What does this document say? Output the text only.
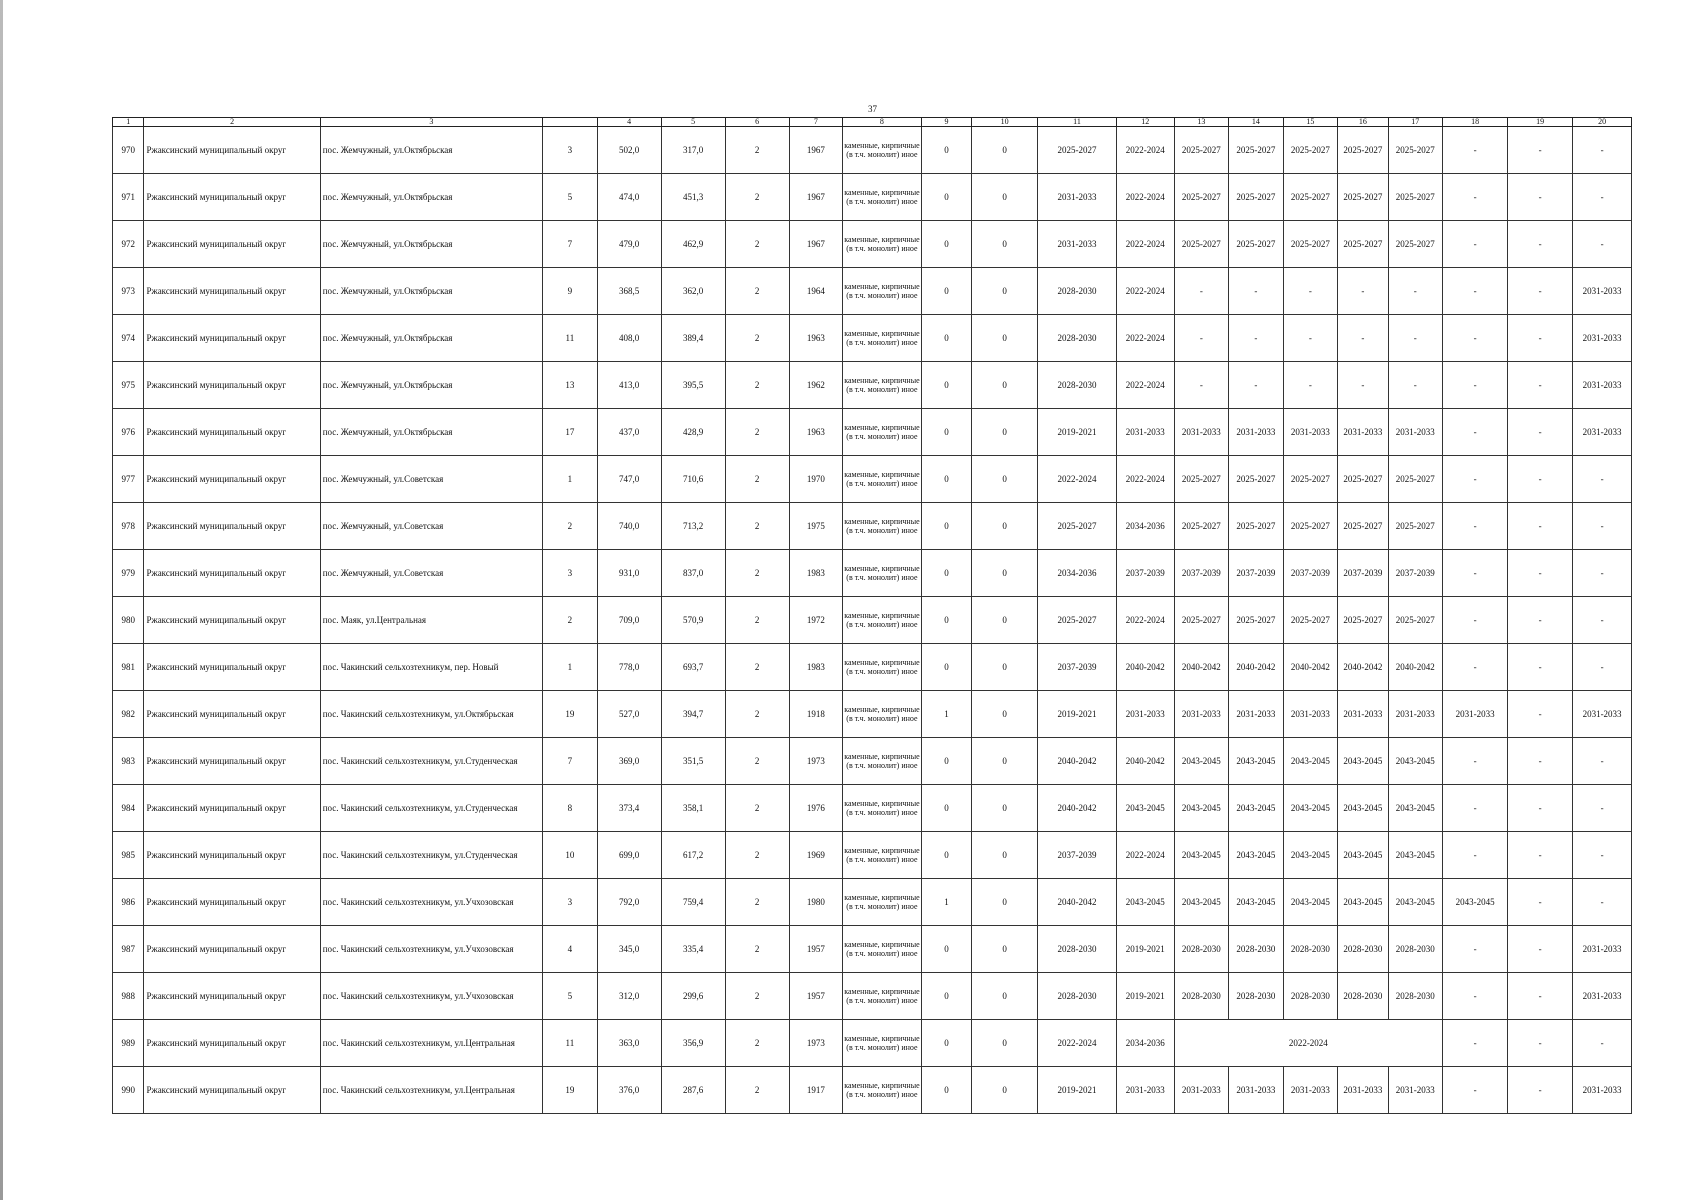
37
1	2	3		4	5	6	7	8	9	10	11	12	13	14	15	16	17	18	19	20
970	Ржаксинский муниципальный округ	пос. Жемчужный, ул.Октябрьская	3	502,0	317,0	2	1967	каменные, кирпичные (в т.ч. монолит) иное	0	0	2025-2027	2022-2024	2025-2027	2025-2027	2025-2027	2025-2027	2025-2027	-	-	-
971	Ржаксинский муниципальный округ	пос. Жемчужный, ул.Октябрьская	5	474,0	451,3	2	1967	каменные, кирпичные (в т.ч. монолит) иное	0	0	2031-2033	2022-2024	2025-2027	2025-2027	2025-2027	2025-2027	2025-2027	-	-	-
972	Ржаксинский муниципальный округ	пос. Жемчужный, ул.Октябрьская	7	479,0	462,9	2	1967	каменные, кирпичные (в т.ч. монолит) иное	0	0	2031-2033	2022-2024	2025-2027	2025-2027	2025-2027	2025-2027	2025-2027	-	-	-
973	Ржаксинский муниципальный округ	пос. Жемчужный, ул.Октябрьская	9	368,5	362,0	2	1964	каменные, кирпичные (в т.ч. монолит) иное	0	0	2028-2030	2022-2024	-	-	-	-	-	-	-	2031-2033
974	Ржаксинский муниципальный округ	пос. Жемчужный, ул.Октябрьская	11	408,0	389,4	2	1963	каменные, кирпичные (в т.ч. монолит) иное	0	0	2028-2030	2022-2024	-	-	-	-	-	-	-	2031-2033
975	Ржаксинский муниципальный округ	пос. Жемчужный, ул.Октябрьская	13	413,0	395,5	2	1962	каменные, кирпичные (в т.ч. монолит) иное	0	0	2028-2030	2022-2024	-	-	-	-	-	-	-	2031-2033
976	Ржаксинский муниципальный округ	пос. Жемчужный, ул.Октябрьская	17	437,0	428,9	2	1963	каменные, кирпичные (в т.ч. монолит) иное	0	0	2019-2021	2031-2033	2031-2033	2031-2033	2031-2033	2031-2033	2031-2033	-	-	2031-2033
977	Ржаксинский муниципальный округ	пос. Жемчужный, ул.Советская	1	747,0	710,6	2	1970	каменные, кирпичные (в т.ч. монолит) иное	0	0	2022-2024	2022-2024	2025-2027	2025-2027	2025-2027	2025-2027	2025-2027	-	-	-
978	Ржаксинский муниципальный округ	пос. Жемчужный, ул.Советская	2	740,0	713,2	2	1975	каменные, кирпичные (в т.ч. монолит) иное	0	0	2025-2027	2034-2036	2025-2027	2025-2027	2025-2027	2025-2027	2025-2027	-	-	-
979	Ржаксинский муниципальный округ	пос. Жемчужный, ул.Советская	3	931,0	837,0	2	1983	каменные, кирпичные (в т.ч. монолит) иное	0	0	2034-2036	2037-2039	2037-2039	2037-2039	2037-2039	2037-2039	2037-2039	-	-	-
980	Ржаксинский муниципальный округ	пос. Маяк, ул.Центральная	2	709,0	570,9	2	1972	каменные, кирпичные (в т.ч. монолит) иное	0	0	2025-2027	2022-2024	2025-2027	2025-2027	2025-2027	2025-2027	2025-2027	-	-	-
981	Ржаксинский муниципальный округ	пос. Чакинский сельхозтехникум, пер. Новый	1	778,0	693,7	2	1983	каменные, кирпичные (в т.ч. монолит) иное	0	0	2037-2039	2040-2042	2040-2042	2040-2042	2040-2042	2040-2042	2040-2042	-	-	-
982	Ржаксинский муниципальный округ	пос. Чакинский сельхозтехникум, ул.Октябрьская	19	527,0	394,7	2	1918	каменные, кирпичные (в т.ч. монолит) иное	1	0	2019-2021	2031-2033	2031-2033	2031-2033	2031-2033	2031-2033	2031-2033	2031-2033	-	2031-2033
983	Ржаксинский муниципальный округ	пос. Чакинский сельхозтехникум, ул.Студенческая	7	369,0	351,5	2	1973	каменные, кирпичные (в т.ч. монолит) иное	0	0	2040-2042	2040-2042	2043-2045	2043-2045	2043-2045	2043-2045	2043-2045	-	-	-
984	Ржаксинский муниципальный округ	пос. Чакинский сельхозтехникум, ул.Студенческая	8	373,4	358,1	2	1976	каменные, кирпичные (в т.ч. монолит) иное	0	0	2040-2042	2043-2045	2043-2045	2043-2045	2043-2045	2043-2045	2043-2045	-	-	-
985	Ржаксинский муниципальный округ	пос. Чакинский сельхозтехникум, ул.Студенческая	10	699,0	617,2	2	1969	каменные, кирпичные (в т.ч. монолит) иное	0	0	2037-2039	2022-2024	2043-2045	2043-2045	2043-2045	2043-2045	2043-2045	-	-	-
986	Ржаксинский муниципальный округ	пос. Чакинский сельхозтехникум, ул.Учхозовская	3	792,0	759,4	2	1980	каменные, кирпичные (в т.ч. монолит) иное	1	0	2040-2042	2043-2045	2043-2045	2043-2045	2043-2045	2043-2045	2043-2045	2043-2045	-	-
987	Ржаксинский муниципальный округ	пос. Чакинский сельхозтехникум, ул.Учхозовская	4	345,0	335,4	2	1957	каменные, кирпичные (в т.ч. монолит) иное	0	0	2028-2030	2019-2021	2028-2030	2028-2030	2028-2030	2028-2030	2028-2030	-	-	2031-2033
988	Ржаксинский муниципальный округ	пос. Чакинский сельхозтехникум, ул.Учхозовская	5	312,0	299,6	2	1957	каменные, кирпичные (в т.ч. монолит) иное	0	0	2028-2030	2019-2021	2028-2030	2028-2030	2028-2030	2028-2030	2028-2030	-	-	2031-2033
989	Ржаксинский муниципальный округ	пос. Чакинский сельхозтехникум, ул.Центральная	11	363,0	356,9	2	1973	каменные, кирпичные (в т.ч. монолит) иное	0	0	2022-2024	2034-2036	2022-2024					-	-	-
990	Ржаксинский муниципальный округ	пос. Чакинский сельхозтехникум, ул.Центральная	19	376,0	287,6	2	1917	каменные, кирпичные (в т.ч. монолит) иное	0	0	2019-2021	2031-2033	2031-2033	2031-2033	2031-2033	2031-2033	2031-2033	-	-	2031-2033
